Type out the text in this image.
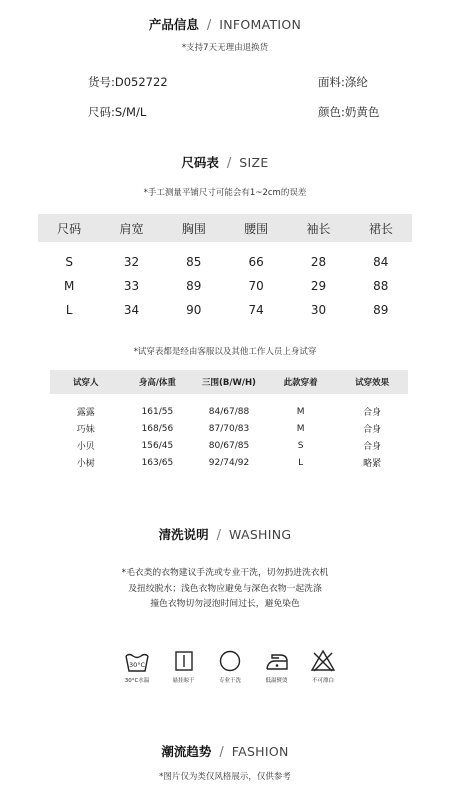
产品信息 / INFOMATION
*支持7天无理由退换货
货号:D052722	面料:涤纶
尺码:S/M/L	颜色:奶黄色
尺码表 / SIZE
*手工测量平铺尺寸可能会有1~2cm的误差
尺码	肩宽	胸围	腰围	袖长	裙长

S	32	85	66	28	84
M	33	89	70	29	88
L	34	90	74	30	89
*试穿表都是经由客服以及其他工作人员上身试穿
试穿人	身高/体重	三围(B/W/H)	此款穿着	试穿效果

露露	161/55	84/67/88	M	合身
巧妹	168/56	87/70/83	M	合身
小贝	156/45	80/67/85	S	合身
小树	163/65	92/74/92	L	略紧
清洗说明 / WASHING
*毛衣类的衣物建议手洗或专业干洗，切勿扔进洗衣机
及扭绞脱水；浅色衣物应避免与深色衣物一起洗涤
撞色衣物切勿浸泡时间过长，避免染色
30°C
30°C水温	悬挂晾干	专业干洗	低温熨烫	不可漂白
潮流趋势 / FASHION
*图片仅为类仅风格展示，仅供参考
